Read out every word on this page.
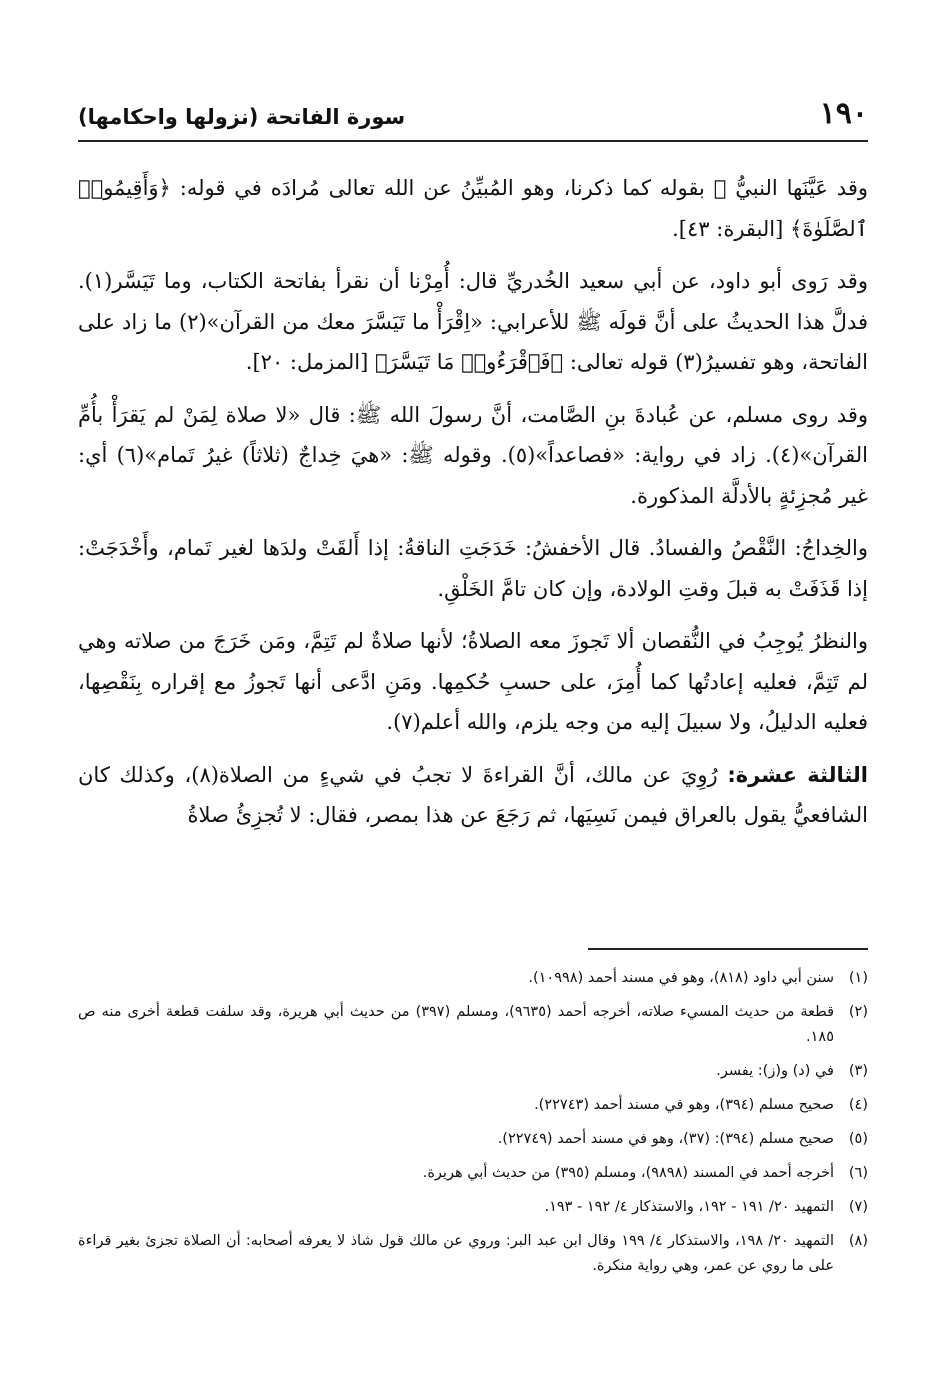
١٩٠
سورة الفاتحة (نزولها واحكامها)

وقد عَيَّنَها النبيُّ ﷺ بقوله كما ذكرنا، وهو المُبيِّنُ عن الله تعالى مُرادَه في قوله: ﴿وَأَقِيمُوا۟ ٱلصَّلَوٰةَ﴾ [البقرة: ٤٣].

وقد رَوى أبو داود، عن أبي سعيد الخُدريِّ قال: أُمِرْنا أن نقرأ بفاتحة الكتاب، وما تَيَسَّر(١). فدلَّ هذا الحديثُ على أنَّ قولَه ﷺ للأعرابي: «اِقْرَأْ ما تَيَسَّرَ معك من القرآن»(٢) ما زاد على الفاتحة، وهو تفسيرُ(٣) قوله تعالى: ﴿فَٱقْرَءُوا۟ مَا تَيَسَّرَ﴾ [المزمل: ٢٠].

وقد روى مسلم، عن عُبادةَ بنِ الصَّامت، أنَّ رسولَ الله ﷺ: قال «لا صلاة لِمَنْ لم يَقرَأْ بأُمِّ القرآن»(٤). زاد في رواية: «فصاعداً»(٥). وقوله ﷺ: «هيَ خِداجٌ (ثلاثاً) غيرُ تَمام»(٦) أي: غير مُجزِئةٍ بالأدلَّة المذكورة.

والخِداجُ: النَّقْصُ والفسادُ. قال الأخفشُ: خَدَجَتِ الناقةُ: إذا أَلقَتْ ولدَها لغير تَمام، وأَخْدَجَتْ: إذا قَذَفَتْ به قبلَ وقتِ الولادة، وإن كان تامَّ الخَلْقِ.

والنظرُ يُوجِبُ في النُّقصان ألا تَجوزَ معه الصلاةُ؛ لأنها صلاةٌ لم تَتِمَّ، ومَن خَرَجَ من صلاته وهي لم تَتِمَّ، فعليه إعادتُها كما أُمِرَ، على حسبِ حُكمِها. ومَنِ ادَّعى أنها تَجوزُ مع إقراره بِنَقْصِها، فعليه الدليلُ، ولا سبيلَ إليه من وجه يلزم، والله أعلم(٧).

الثالثة عشرة: رُوِيَ عن مالك، أنَّ القراءةَ لا تجبُ في شيءٍ من الصلاة(٨)، وكذلك كان الشافعيُّ يقول بالعراق فيمن نَسِيَها، ثم رَجَعَ عن هذا بمصر، فقال: لا تُجزِئُ صلاةُ

(١)
سنن أبي داود (٨١٨)، وهو في مسند أحمد (١٠٩٩٨).
(٢)
قطعة من حديث المسيء صلاته، أخرجه أحمد (٩٦٣٥)، ومسلم (٣٩٧) من حديث أبي هريرة، وقد سلفت قطعة أخرى منه ص ١٨٥.
(٣)
في (د) و(ز): يفسر.
(٤)
صحيح مسلم (٣٩٤)، وهو في مسند أحمد (٢٢٧٤٣).
(٥)
صحيح مسلم (٣٩٤): (٣٧)، وهو في مسند أحمد (٢٢٧٤٩).
(٦)
أخرجه أحمد في المسند (٩٨٩٨)، ومسلم (٣٩٥) من حديث أبي هريرة.
(٧)
التمهيد ٢٠/ ١٩١ - ١٩٢، والاستذكار ٤/ ١٩٢ - ١٩٣.
(٨)
التمهيد ٢٠/ ١٩٨، والاستذكار ٤/ ١٩٩ وقال ابن عبد البر: وروي عن مالك قول شاذ لا يعرفه أصحابه: أن الصلاة تجزئ بغير قراءة على ما روي عن عمر، وهي رواية منكرة.
